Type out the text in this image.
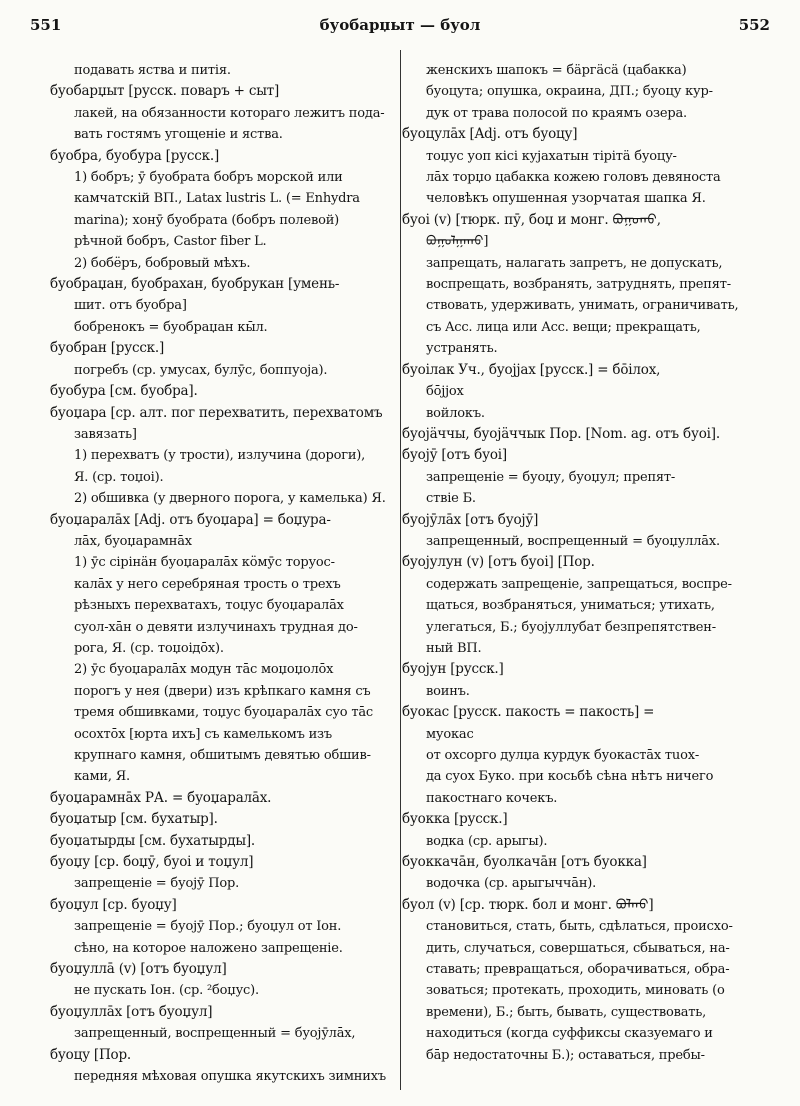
551	буобарџыт — буол	552
подавать яства и питія.
буобарџыт [русск. поваръ + сыт]
лакей, на обязанности котораго лежитъ пода-
вать гостямъ угощеніе и яства.
буобра, буобура [русск.]
1) бобръ; ӯ буобрата бобръ морской или
камчатскій ВП., Latax lustris L. (= Enhydra
marina); хонӯ буобрата (бобръ полевой)
рѣчной бобръ, Castor fiber L.
2) бобёръ, бобровый мѣхъ.
буобраџан, буобрахан, буобрукан [умень-
шит. отъ буобра]
бобренокъ = буобраџан кы̄л.
буобран [русск.]
погребъ (ср. умусах, булӯс, боппуоја).
буобура [см. буобра].
буоџара [ср. алт. пог перехватить, перехватомъ
завязать]
1) перехватъ (у трости), излучина (дороги),
Я. (ср. тоџоі).
2) обшивка (у дверного порога, у камелька) Я.
буоџаралāх [Adj. отъ буоџара] = боџура-
лāх, буоџарамнāх
1) ӯс сiрiнäн буоџаралāх кӧмӯс торуос-
калāх у него серебряная трость о трехъ
рѣзныхъ перехватахъ, тоџус буоџаралāх
суол-хāн о девяти излучинахъ трудная до-
рога, Я. (ср. тоџоідōх).
2) ӯс буоџаралāх модун тāс моџоџолōх
порогъ у нея (двери) изъ крѣпкаго камня съ
тремя обшивками, тоџус буоџаралāх суо тāс
осохтōх [юрта ихъ] съ камелькомъ изъ
крупнаго камня, обшитымъ девятью обшив-
ками, Я.
буоџарамнāх РА. = буоџаралāх.
буоџатыр [см. бухатыр].
буоџатырды [см. бухатырды].
буоџу [ср. боџӯ, буоі и тоџул]
запрещеніе = буојӯ Пор.
буоџул [ср. буоџу]
запрещеніе = буојӯ Пор.; буоџул от Іон.
сѣно, на которое наложено запрещеніе.
буоџуллā (v) [отъ буоџул]
не пускать Іон. (ср. ²боџус).
буоџуллāх [отъ буоџул]
запрещенный, воспрещенный = буојӯлāх,
буоцу [Пор.
передняя мѣховая опушка якутскихъ зимнихъ
женскихъ шапокъ = бäргäсä (цабакка)
буоцута; опушка, окраина, ДП.; буоцу кур-
дук от трава полосой по краямъ озера.
буоцулāх [Adj. отъ буоцу]
тоџус уоп кiсi куjахатын тiрiтä буоцу-
лāх торџо цабакка кожею головъ девяноста
человѣкъ опушенная узорчатая шапка Я.
буоі (v) [тюрк. пӯ, боџ и монг. ᠪᠣᠭᠣᠬᠤ,
ᠪᠣᠭᠣᠯᠭᠠᠬᠤ]
запрещать, налагать запретъ, не допускать,
воспрещать, возбранять, затруднять, препят-
ствовать, удерживать, унимать, ограничивать,
съ Acc. лица или Acc. вещи; прекращать,
устранять.
буоілак Уч., буојјах [русск.] = бōілох,
бōјјох
войлокъ.
буојäччы, буојäччык Пор. [Nom. ag. отъ буоі].
буојӯ [отъ буоі]
запрещеніе = буоџу, буоџул; препят-
ствіе Б.
буојӯлāх [отъ буојӯ]
запрещенный, воспрещенный = буоџуллāх.
буојулун (v) [отъ буоі] [Пор.
содержать запрещеніе, запрещаться, воспре-
щаться, возбраняться, униматься; утихать,
улегаться, Б.; буојуллубат безпрепятствен-
ный ВП.
буојун [русск.]
воинъ.
буокас [русск. пакость = пакость] =
муокас
от охсорго дулџа курдук буокастāх тuох-
да суох Буко. при косьбѣ сѣна нѣтъ ничего
пакостнаго кочекъ.
буокка [русск.]
водка (ср. арыгы).
буоккачāн, буолкачāн [отъ буокка]
водочка (ср. арыгыччāн).
буол (v) [ср. тюрк. бол и монг. ᠪᠣᠯᠬᠤ]
становиться, стать, быть, сдѣлаться, происхо-
дить, случаться, совершаться, сбываться, на-
ставать; превращаться, оборачиваться, обра-
зоваться; протекать, проходить, миновать (о
времени), Б.; быть, бывать, существовать,
находиться (когда суффиксы сказуемаго и
бāр недостаточны Б.); оставаться, пребы-
